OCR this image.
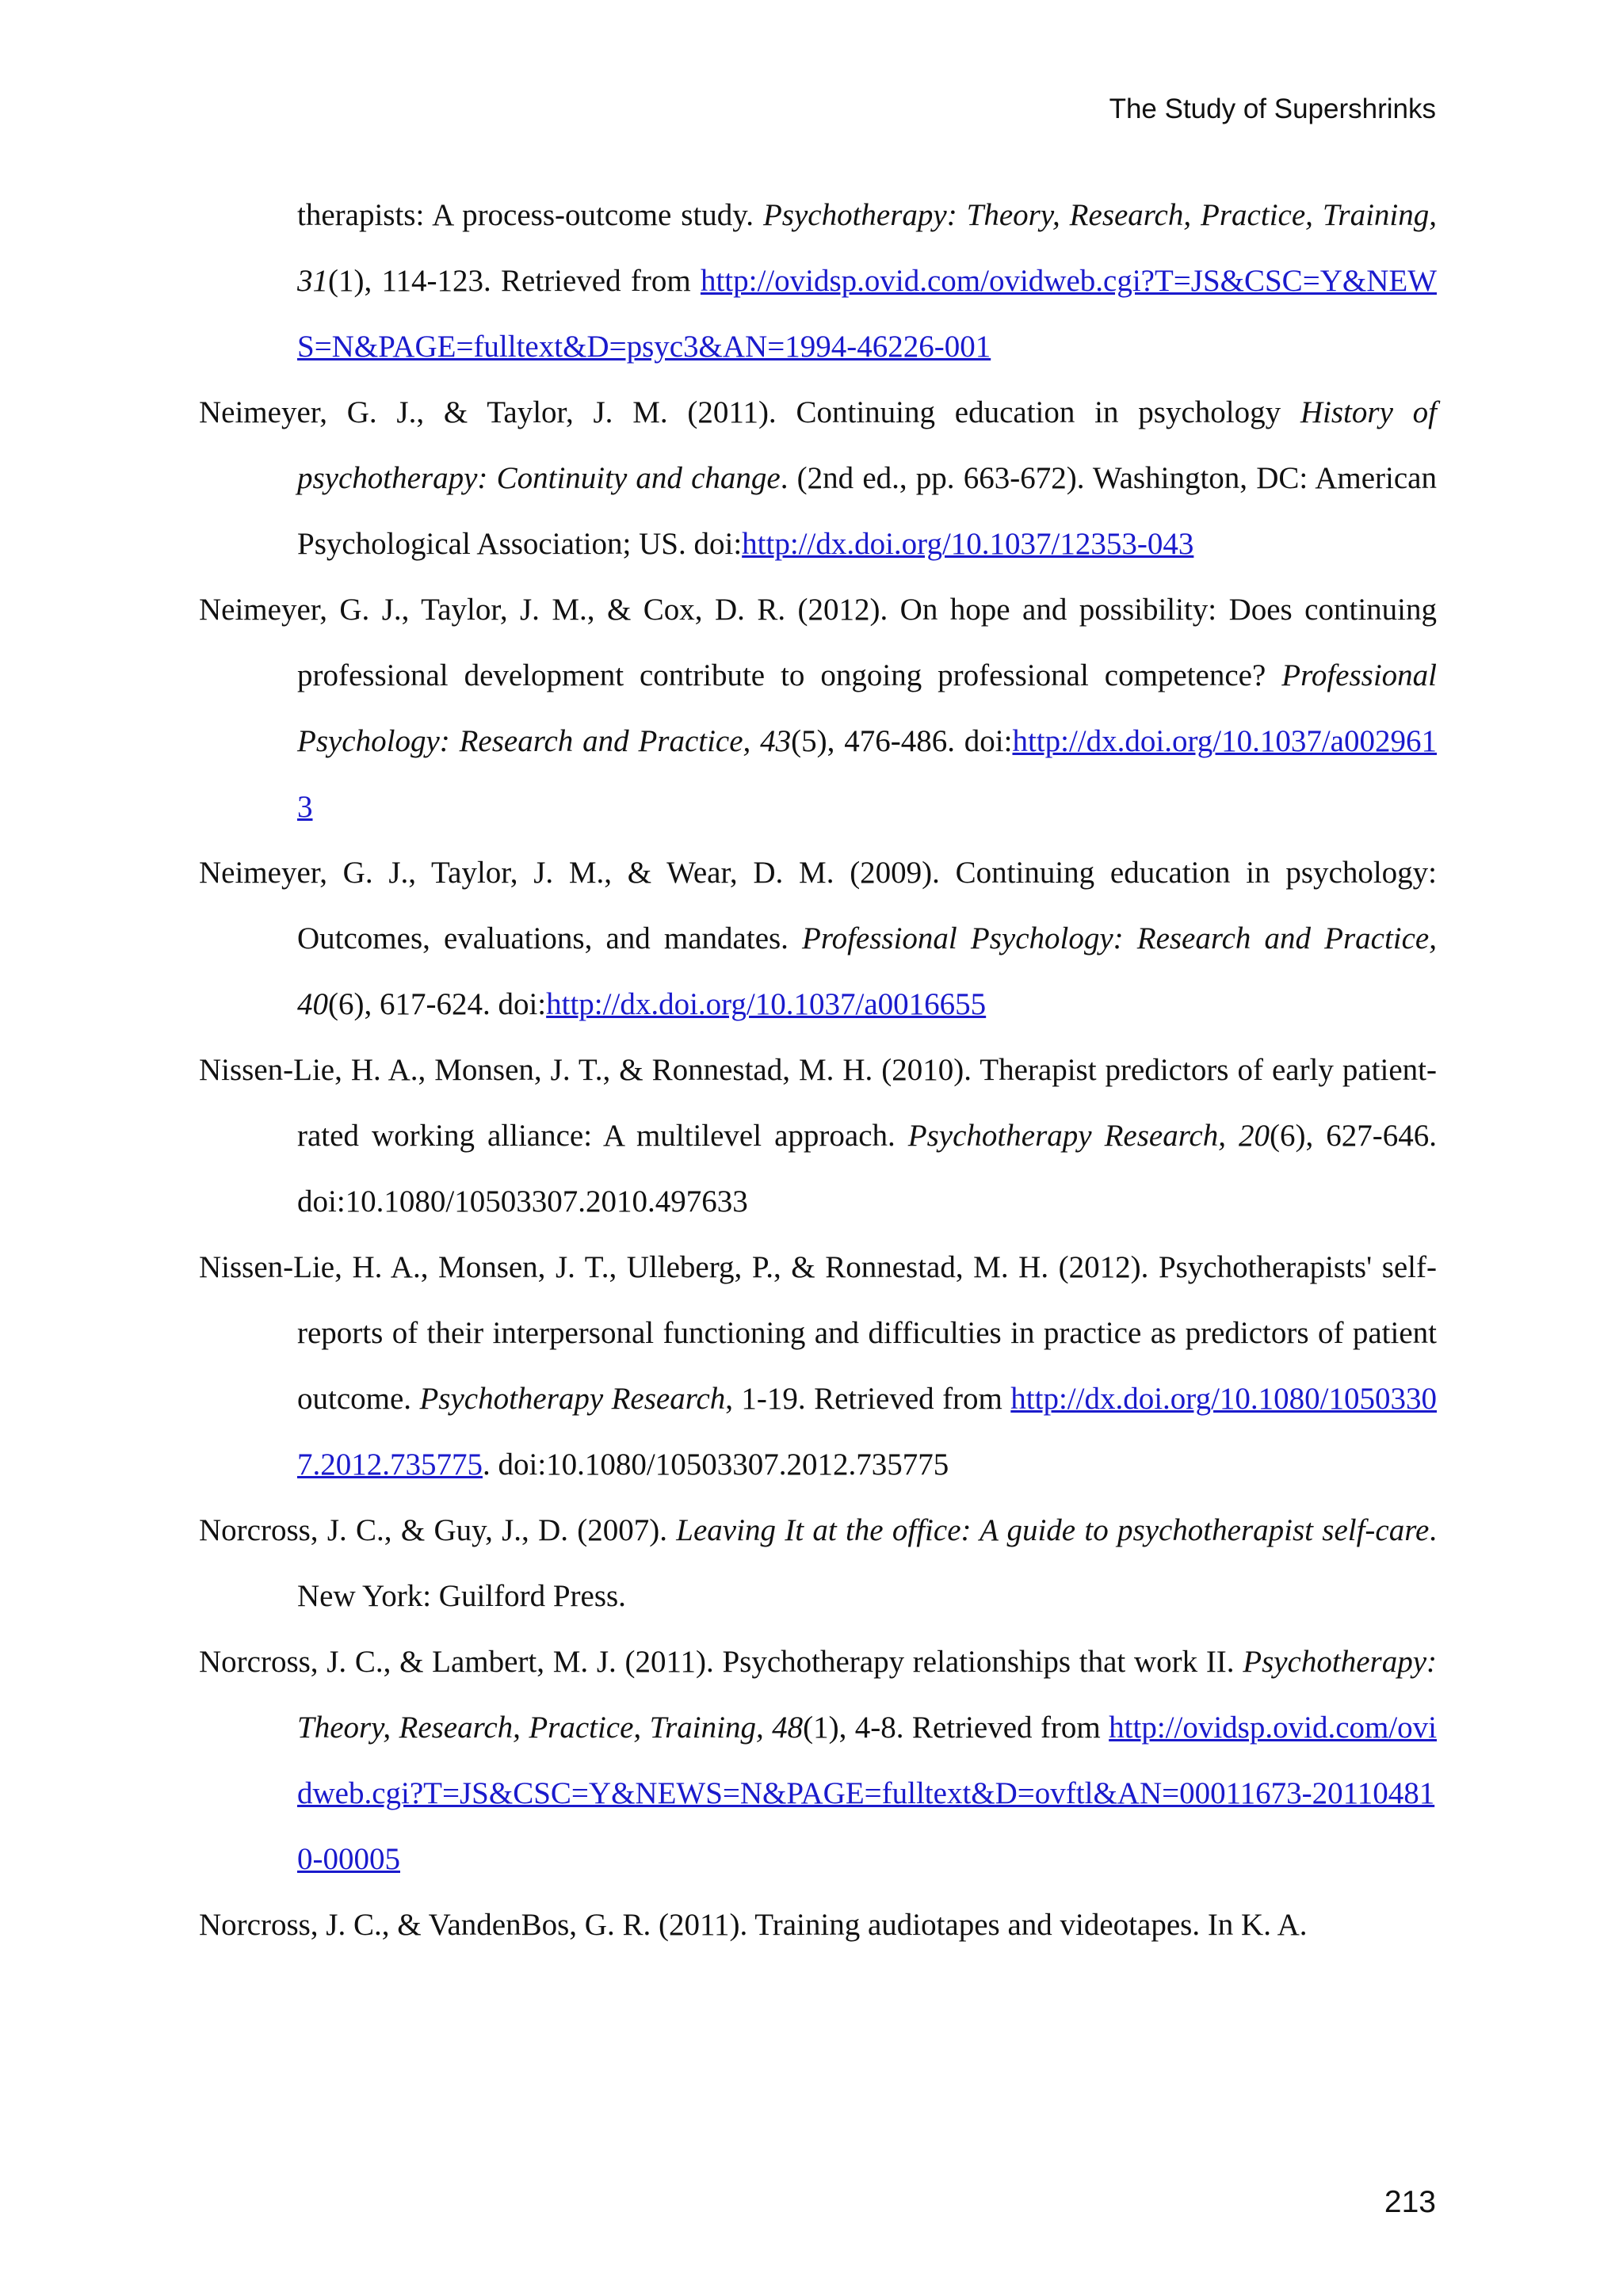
The Study of Supershrinks

therapists: A process-outcome study. Psychotherapy: Theory, Research, Practice, Training, 31(1), 114-123. Retrieved from http://ovidsp.ovid.com/ovidweb.cgi?T=JS&CSC=Y&NEWS=N&PAGE=fulltext&D=psyc3&AN=1994-46226-001

Neimeyer, G. J., & Taylor, J. M. (2011). Continuing education in psychology History of psychotherapy: Continuity and change. (2nd ed., pp. 663-672). Washington, DC: American Psychological Association; US. doi:http://dx.doi.org/10.1037/12353-043

Neimeyer, G. J., Taylor, J. M., & Cox, D. R. (2012). On hope and possibility: Does continuing professional development contribute to ongoing professional competence? Professional Psychology: Research and Practice, 43(5), 476-486. doi:http://dx.doi.org/10.1037/a0029613

Neimeyer, G. J., Taylor, J. M., & Wear, D. M. (2009). Continuing education in psychology: Outcomes, evaluations, and mandates. Professional Psychology: Research and Practice, 40(6), 617-624. doi:http://dx.doi.org/10.1037/a0016655

Nissen-Lie, H. A., Monsen, J. T., & Ronnestad, M. H. (2010). Therapist predictors of early patient-rated working alliance: A multilevel approach. Psychotherapy Research, 20(6), 627-646. doi:10.1080/10503307.2010.497633

Nissen-Lie, H. A., Monsen, J. T., Ulleberg, P., & Ronnestad, M. H. (2012). Psychotherapists' self-reports of their interpersonal functioning and difficulties in practice as predictors of patient outcome. Psychotherapy Research, 1-19. Retrieved from http://dx.doi.org/10.1080/10503307.2012.735775. doi:10.1080/10503307.2012.735775

Norcross, J. C., & Guy, J., D. (2007). Leaving It at the office: A guide to psychotherapist self-care. New York: Guilford Press.

Norcross, J. C., & Lambert, M. J. (2011). Psychotherapy relationships that work II. Psychotherapy: Theory, Research, Practice, Training, 48(1), 4-8. Retrieved from http://ovidsp.ovid.com/ovidweb.cgi?T=JS&CSC=Y&NEWS=N&PAGE=fulltext&D=ovftl&AN=00011673-201104810-00005

Norcross, J. C., & VandenBos, G. R. (2011). Training audiotapes and videotapes. In K. A.

213
